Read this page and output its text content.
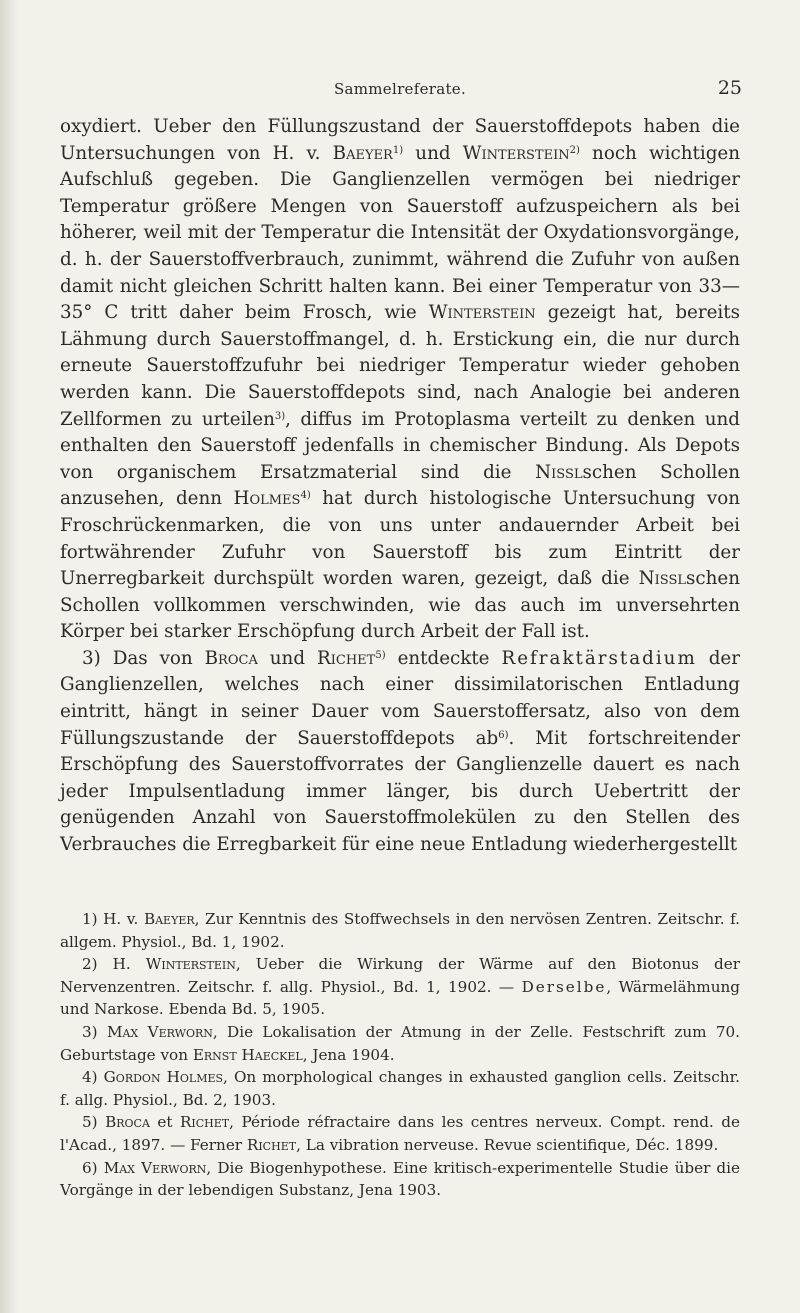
Sammelreferate.	25

oxydiert. Ueber den Füllungszustand der Sauerstoffdepots haben die Untersuchungen von H. v. Baeyer$^{1)}$ und Winterstein$^{2)}$ noch wichtigen Aufschluß gegeben. Die Ganglienzellen vermögen bei niedriger Temperatur größere Mengen von Sauerstoff aufzuspeichern als bei höherer, weil mit der Temperatur die Intensität der Oxydationsvorgänge, d. h. der Sauerstoffverbrauch, zunimmt, während die Zufuhr von außen damit nicht gleichen Schritt halten kann. Bei einer Temperatur von 33—35° C tritt daher beim Frosch, wie Winterstein gezeigt hat, bereits Lähmung durch Sauerstoffmangel, d. h. Erstickung ein, die nur durch erneute Sauerstoffzufuhr bei niedriger Temperatur wieder gehoben werden kann. Die Sauerstoffdepots sind, nach Analogie bei anderen Zellformen zu urteilen$^{3)}$, diffus im Protoplasma verteilt zu denken und enthalten den Sauerstoff jedenfalls in chemischer Bindung. Als Depots von organischem Ersatzmaterial sind die Nisslschen Schollen anzusehen, denn Holmes$^{4)}$ hat durch histologische Untersuchung von Froschrückenmarken, die von uns unter andauernder Arbeit bei fortwährender Zufuhr von Sauerstoff bis zum Eintritt der Unerregbarkeit durchspült worden waren, gezeigt, daß die Nisslschen Schollen vollkommen verschwinden, wie das auch im unversehrten Körper bei starker Erschöpfung durch Arbeit der Fall ist.

3) Das von Broca und Richet$^{5)}$ entdeckte Refraktärstadium der Ganglienzellen, welches nach einer dissimilatorischen Entladung eintritt, hängt in seiner Dauer vom Sauerstoffersatz, also von dem Füllungszustande der Sauerstoffdepots $ab^{6)}$. Mit fortschreitender Erschöpfung des Sauerstoffvorrates der Ganglienzelle dauert es nach jeder Impulsentladung immer länger, bis durch Uebertritt der genügenden Anzahl von Sauerstoffmolekülen zu den Stellen des Verbrauches die Erregbarkeit für eine neue Entladung wiederhergestellt

1) H. v. Baeyer, Zur Kenntnis des Stoffwechsels in den nervösen Zentren. Zeitschr. f. allgem. Physiol., Bd. 1, 1902.

2) H. Winterstein, Ueber die Wirkung der Wärme auf den Biotonus der Nervenzentren. Zeitschr. f. allg. Physiol., Bd. 1, 1902. — Derselbe, Wärmelähmung und Narkose. Ebenda Bd. 5, 1905.

3) Max Verworn, Die Lokalisation der Atmung in der Zelle. Festschrift zum 70. Geburtstage von Ernst Haeckel, Jena 1904.

4) Gordon Holmes, On morphological changes in exhausted ganglion cells. Zeitschr. f. allg. Physiol., Bd. 2, 1903.

5) Broca et Richet, Période réfractaire dans les centres nerveux. Compt. rend. de l'Acad., 1897. — Ferner Richet, La vibration nerveuse. Revue scientifique, Déc. 1899.

6) Max Verworn, Die Biogenhypothese. Eine kritisch-experimentelle Studie über die Vorgänge in der lebendigen Substanz, Jena 1903.
